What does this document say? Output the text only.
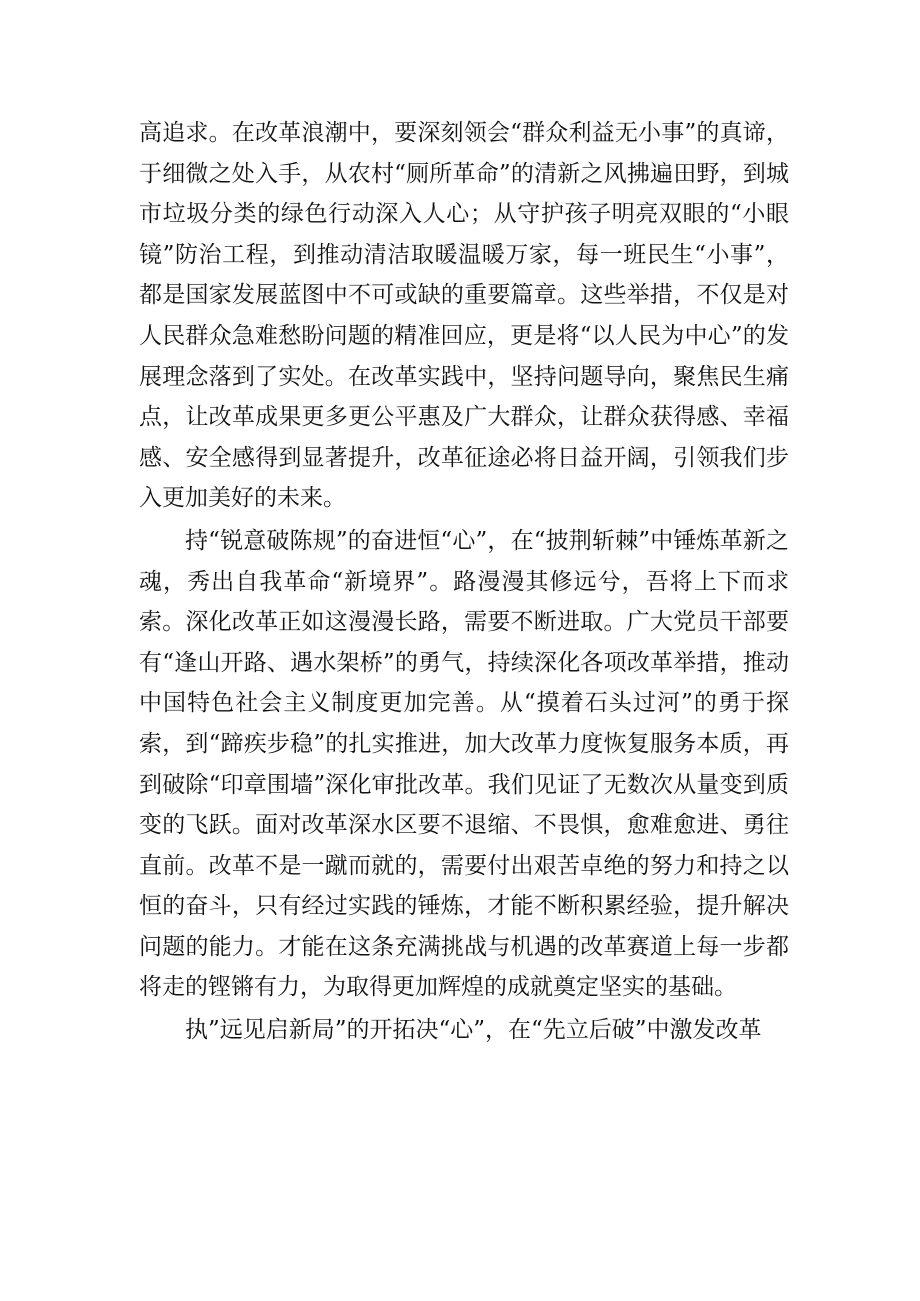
高追求。在改革浪潮中，要深刻领会“群众利益无小事”的真谛，于细微之处入手，从农村“厕所革命”的清新之风拂遍田野，到城市垃圾分类的绿色行动深入人心；从守护孩子明亮双眼的“小眼镜”防治工程，到推动清洁取暖温暖万家，每一班民生“小事”，都是国家发展蓝图中不可或缺的重要篇章。这些举措，不仅是对人民群众急难愁盼问题的精准回应，更是将“以人民为中心”的发展理念落到了实处。在改革实践中，坚持问题导向，聚焦民生痛点，让改革成果更多更公平惠及广大群众，让群众获得感、幸福感、安全感得到显著提升，改革征途必将日益开阔，引领我们步入更加美好的未来。

持“锐意破陈规”的奋进恒“心”，在“披荆斩棘”中锤炼革新之魂，秀出自我革命“新境界”。路漫漫其修远兮，吾将上下而求索。深化改革正如这漫漫长路，需要不断进取。广大党员干部要有“逢山开路、遇水架桥”的勇气，持续深化各项改革举措，推动中国特色社会主义制度更加完善。从“摸着石头过河”的勇于探索，到“蹄疾步稳”的扎实推进，加大改革力度恢复服务本质，再到破除“印章围墙”深化审批改革。我们见证了无数次从量变到质变的飞跃。面对改革深水区要不退缩、不畏惧，愈难愈进、勇往直前。改革不是一蹴而就的，需要付出艰苦卓绝的努力和持之以恒的奋斗，只有经过实践的锤炼，才能不断积累经验，提升解决问题的能力。才能在这条充满挑战与机遇的改革赛道上每一步都将走的铿锵有力，为取得更加辉煌的成就奠定坚实的基础。

执”远见启新局”的开拓决“心”，在“先立后破”中激发改革
